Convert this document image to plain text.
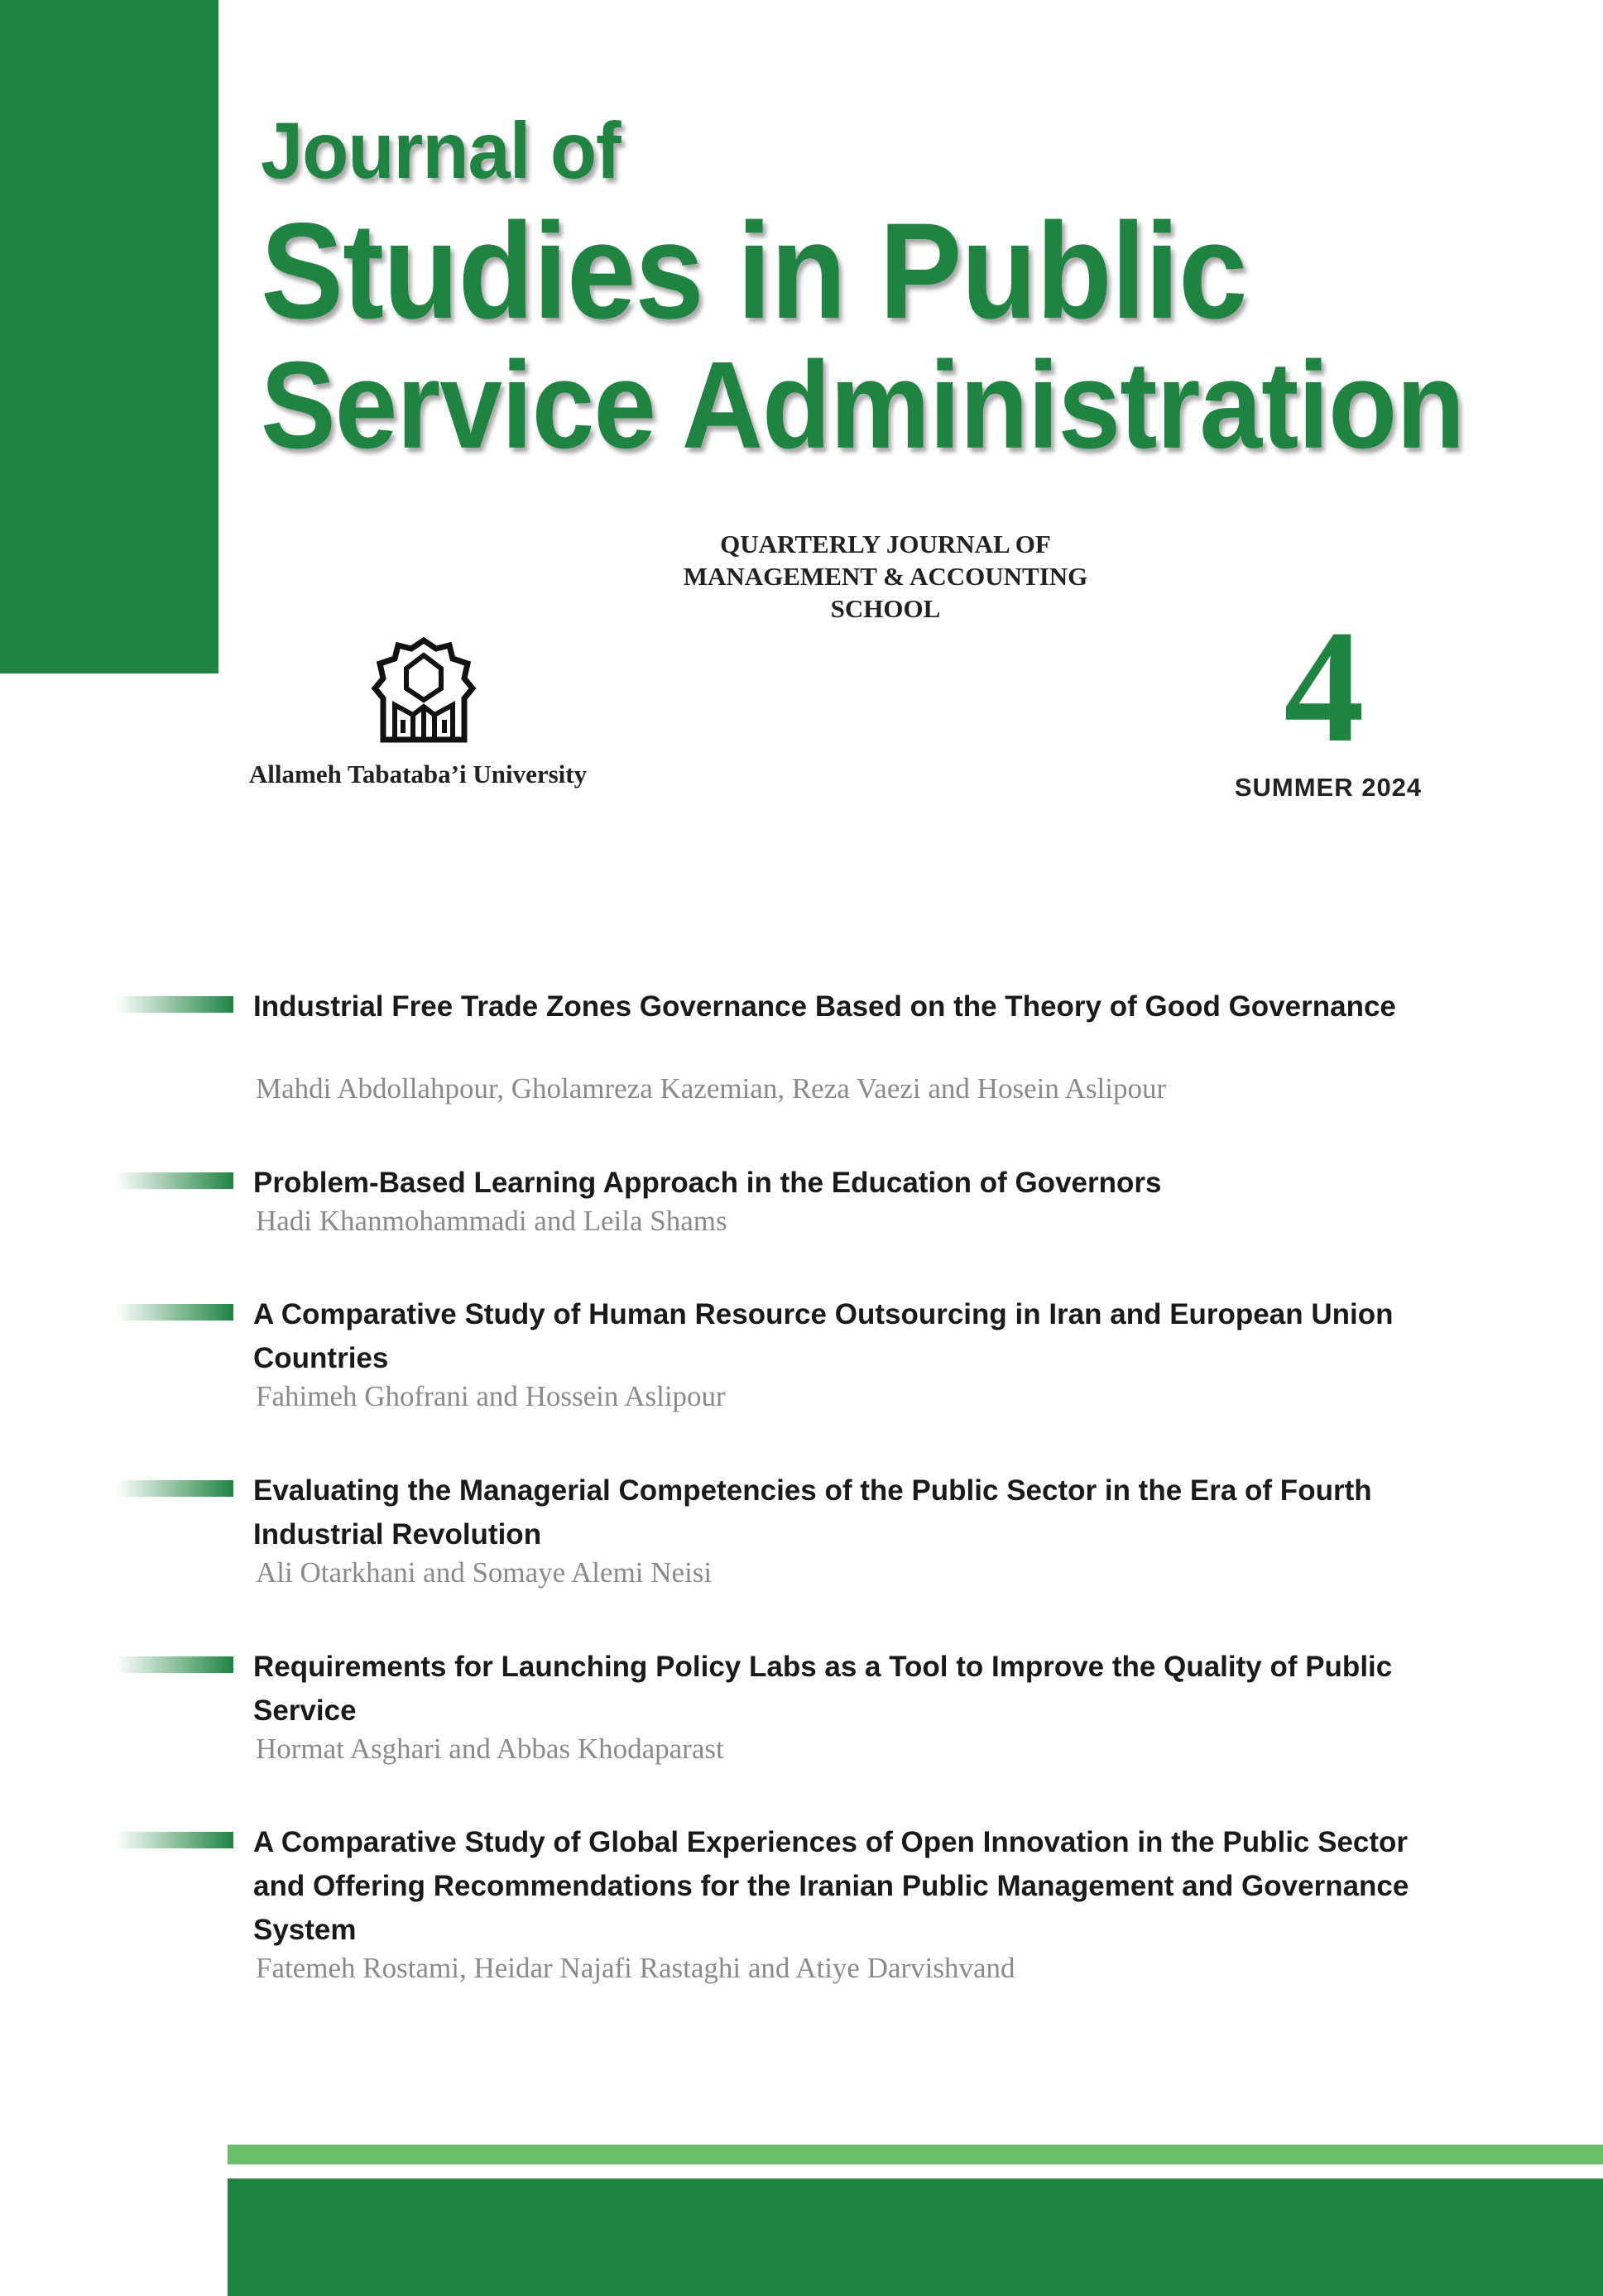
Journal of
Studies in Public
Service Administration
QUARTERLY JOURNAL OF
MANAGEMENT & ACCOUNTING
SCHOOL
Allameh Tabataba’i University	4
SUMMER 2024
Industrial Free Trade Zones Governance Based on the Theory of Good Governance
Mahdi Abdollahpour, Gholamreza Kazemian, Reza Vaezi and Hosein Aslipour
Problem-Based Learning Approach in the Education of Governors
Hadi Khanmohammadi and Leila Shams
A Comparative Study of Human Resource Outsourcing in Iran and European Union Countries
Fahimeh Ghofrani and Hossein Aslipour
Evaluating the Managerial Competencies of the Public Sector in the Era of Fourth Industrial Revolution
Ali Otarkhani and Somaye Alemi Neisi
Requirements for Launching Policy Labs as a Tool to Improve the Quality of Public Service
Hormat Asghari and Abbas Khodaparast
A Comparative Study of Global Experiences of Open Innovation in the Public Sector and Offering Recommendations for the Iranian Public Management and Governance System
Fatemeh Rostami, Heidar Najafi Rastaghi and Atiye Darvishvand
